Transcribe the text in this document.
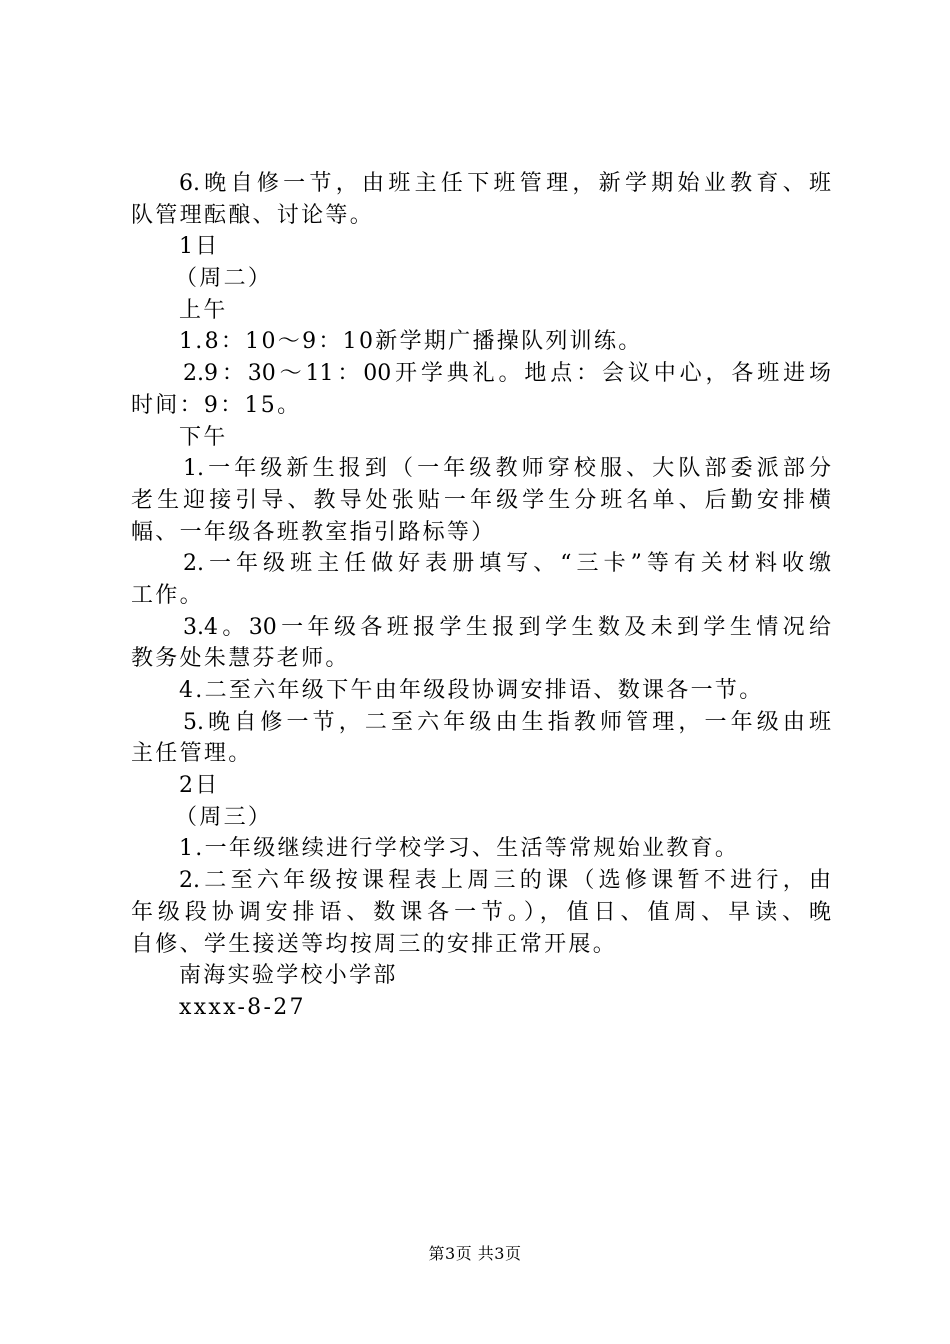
6.晚自修一节，由班主任下班管理，新学期始业教育、班
队管理酝酿、讨论等。
1日
（周二）
上午
1.8：10～9：10新学期广播操队列训练。
2.9：30～11：00开学典礼。地点：会议中心，各班进场
时间：9：15。
下午
1.一年级新生报到（一年级教师穿校服、大队部委派部分
老生迎接引导、教导处张贴一年级学生分班名单、后勤安排横
幅、一年级各班教室指引路标等）
2.一年级班主任做好表册填写、“三卡”等有关材料收缴
工作。
3.4。30一年级各班报学生报到学生数及未到学生情况给
教务处朱慧芬老师。
4.二至六年级下午由年级段协调安排语、数课各一节。
5.晚自修一节，二至六年级由生指教师管理，一年级由班
主任管理。
2日
（周三）
1.一年级继续进行学校学习、生活等常规始业教育。
2.二至六年级按课程表上周三的课（选修课暂不进行，由
年级段协调安排语、数课各一节。），值日、值周、早读、晚
自修、学生接送等均按周三的安排正常开展。
南海实验学校小学部
xxxx-8-27
第3页 共3页
